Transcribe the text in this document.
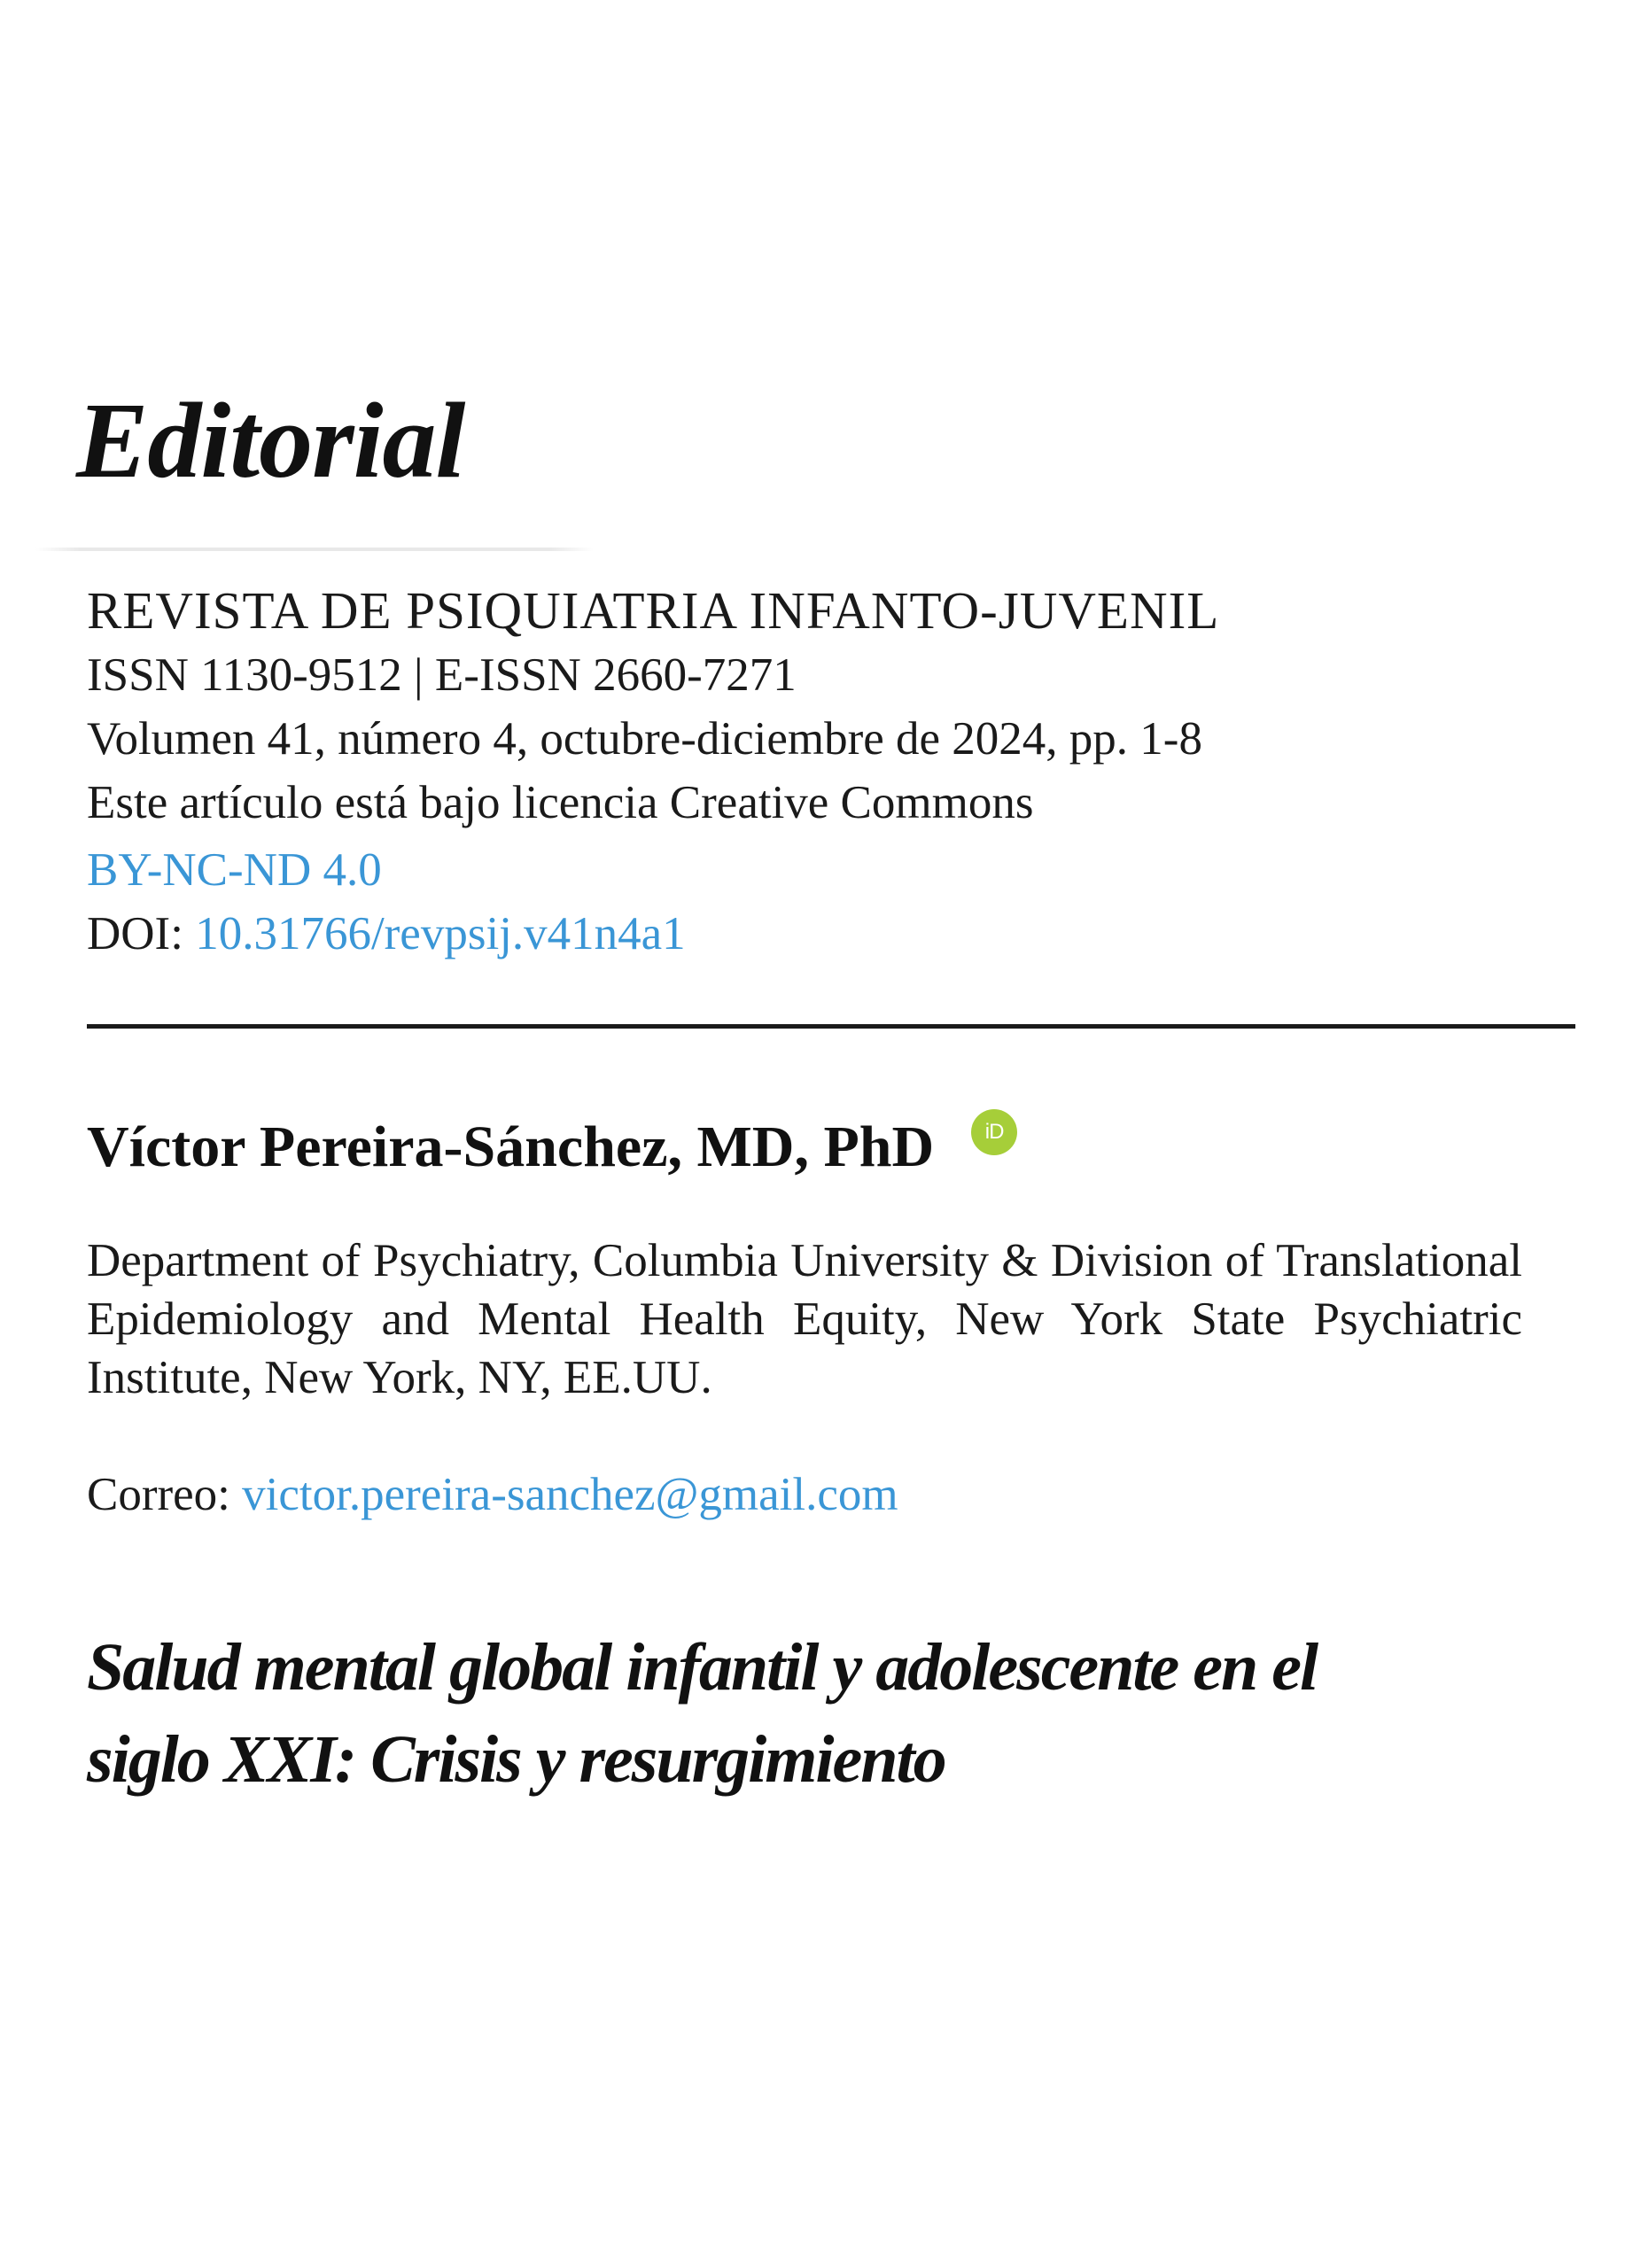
Editorial
REVISTA DE PSIQUIATRIA INFANTO-JUVENIL
ISSN 1130-9512 | E-ISSN 2660-7271
Volumen 41, número 4, octubre-diciembre de 2024, pp. 1-8
Este artículo está bajo licencia Creative Commons
BY-NC-ND 4.0
DOI: 10.31766/revpsij.v41n4a1
Víctor Pereira-Sánchez, MD, PhD	iD

Department of Psychiatry, Columbia University & Division of Translational Epidemiology and Mental Health Equity, New York State Psychiatric Institute, New York, NY, EE.UU.

Correo: victor.pereira-sanchez@gmail.com
Salud mental global infantil y adolescente en el
siglo XXI: Crisis y resurgimiento
